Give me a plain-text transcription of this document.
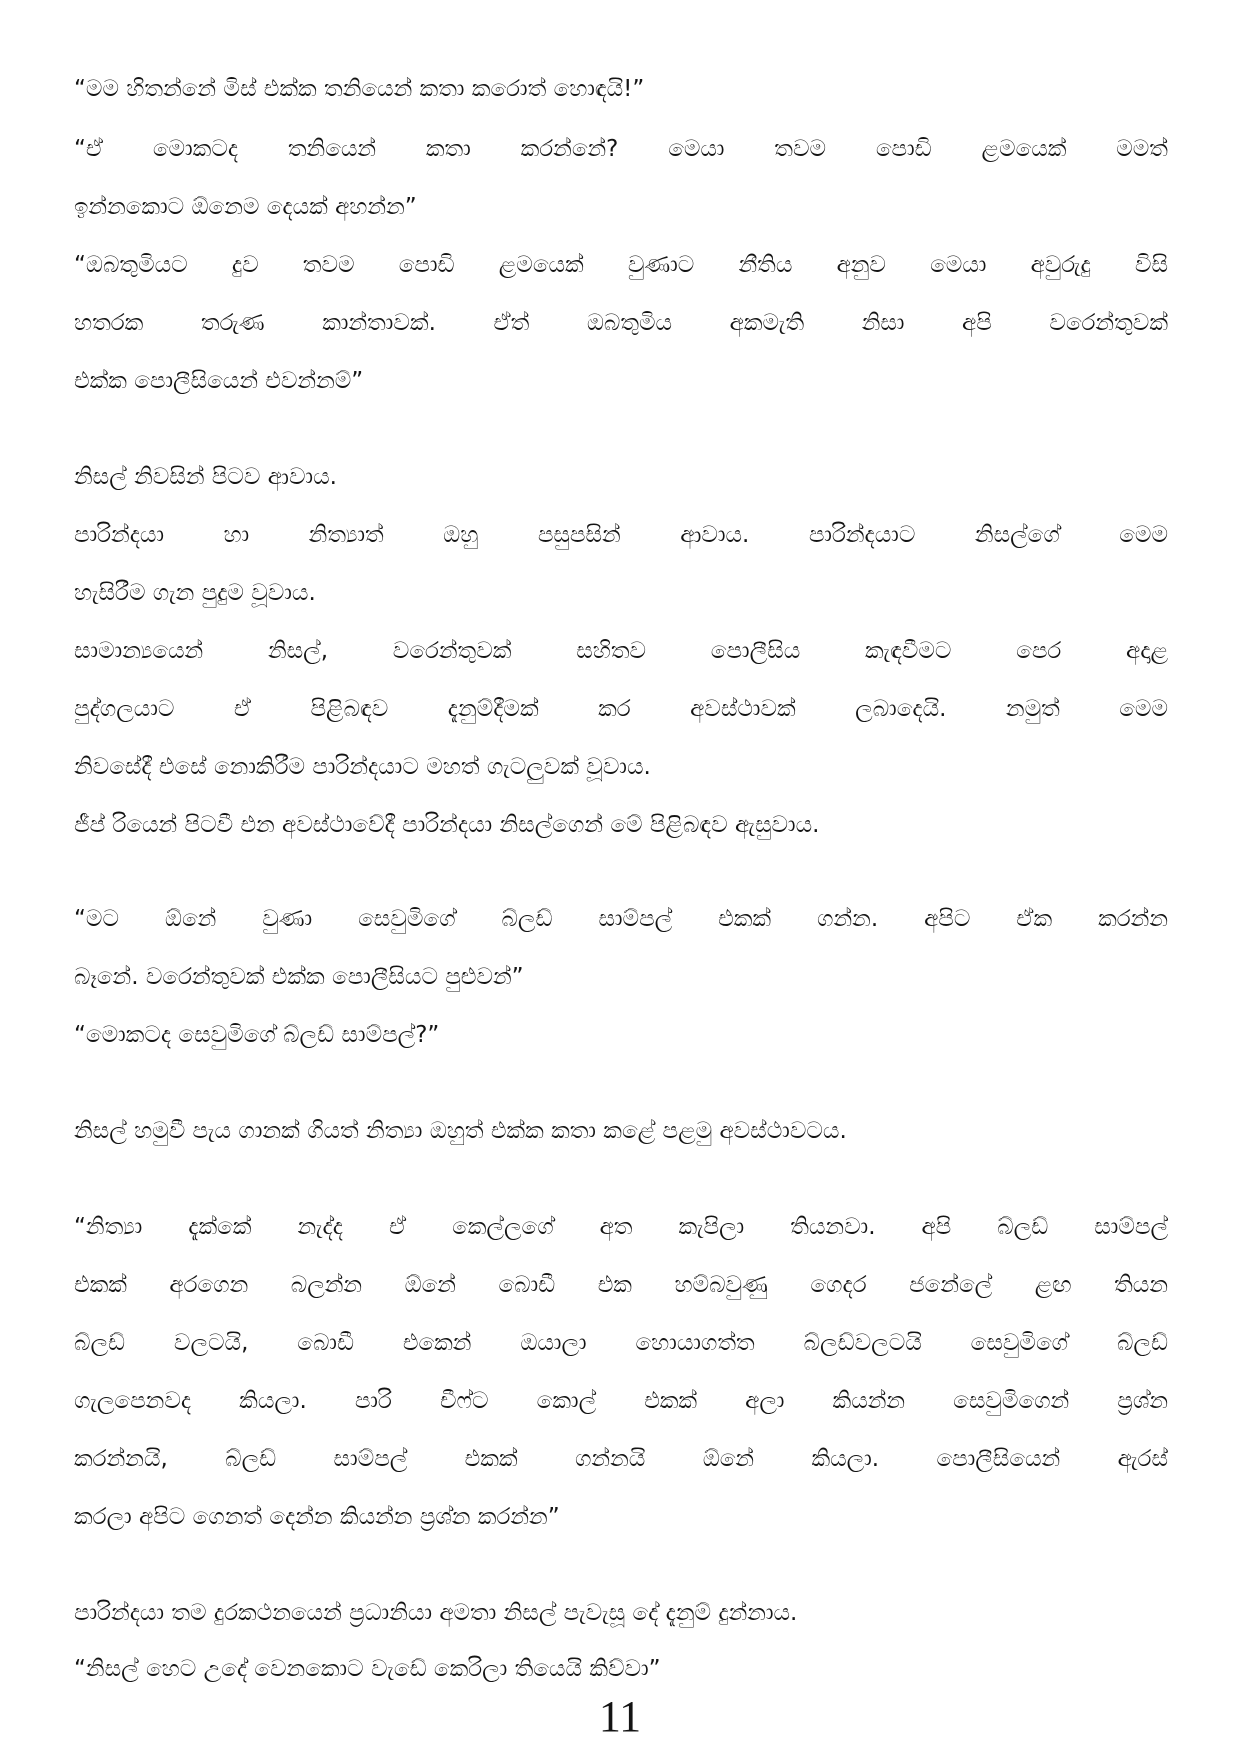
“මම හිතන්නේ මිස් එක්ක තනියෙන් කතා කරොත් හොඳයි!”
“ඒ මොකටද තනියෙන් කතා කරන්නේ? මෙයා තවම පොඩි ළමයෙක් මමත්
ඉන්නකොට ඕනෙම දෙයක් අහන්න”
“ඔබතුමියට දුව තවම පොඩි ළමයෙක් වුණාට නීතිය අනුව මෙයා අවුරුදු විසි
හතරක තරුණ කාන්තාවක්. ඒත් ඔබතුමිය අකමැති නිසා අපි වරෙන්තුවක්
එක්ක පොලීසියෙන් එවන්නම්”
නිසල් නිවසින් පිටව ආවාය.
පාරින්දයා හා නිත්‍යාත් ඔහු පසුපසින් ආවාය. පාරින්දයාට නිසල්ගේ මෙම
හැසිරීම ගැන පුදුම වූවාය.
සාමාන්‍යයෙන් නිසල්, වරෙන්තුවක් සහිතව පොලීසිය කැඳවීමට පෙර අදාළ
පුද්ගලයාට ඒ පිළිබඳව දැනුම්දීමක් කර අවස්ථාවක් ලබාදෙයි. නමුත් මෙම
නිවසේදී එසේ නොකිරීම පාරින්දයාට මහත් ගැටලුවක් වූවාය.
ජීප් රියෙන් පිටවී එන අවස්ථාවේදී පාරින්දයා නිසල්ගෙන් මේ පිළිබඳව ඇසුවාය.
“මට ඕනේ වුණා සෙවුමිගේ බ්ලඩ් සාම්පල් එකක් ගන්න. අපිට ඒක කරන්න
බෑනේ. වරෙන්තුවක් එක්ක පොලීසියට පුළුවන්”
“මොකටද සෙවුමිගේ බ්ලඩ් සාම්පල්?”
නිසල් හමුවී පැය ගානක් ගියත් නිත්‍යා ඔහුත් එක්ක කතා කළේ පළමු අවස්ථාවටය.
“නිත්‍යා දැක්කේ නැද්ද ඒ කෙල්ලගේ අත කැපිලා තියනවා. අපි බ්ලඩ් සාම්පල්
එකක් අරගෙන බලන්න ඕනේ බොඩී එක හම්බවුණු ගෙදර ජනේලේ ළඟ තියන
බ්ලඩ් වලටයි, බොඩී එකෙන් ඔයාලා හොයාගත්ත බ්ලඩ්වලටයි සෙවුමිගේ බ්ලඩ්
ගැලපෙනවද කියලා. පාරි චීෆ්ට කොල් එකක් අලා කියන්න සෙවුමිගෙන් ප්‍රශ්න
කරන්නයි, බ්ලඩ් සාම්පල් එකක් ගන්නයි ඕනේ කියලා. පොලීසියෙන් ඇරස්
කරලා අපිට ගෙනත් දෙන්න කියන්න ප්‍රශ්න කරන්න”
පාරින්දයා තම දුරකථනයෙන් ප්‍රධානියා අමතා නිසල් පැවැසූ දේ දැනුම් දුන්නාය.
“නිසල් හෙට උදේ වෙනකොට වැඩේ කෙරිලා තියෙයි කිව්වා”
11
